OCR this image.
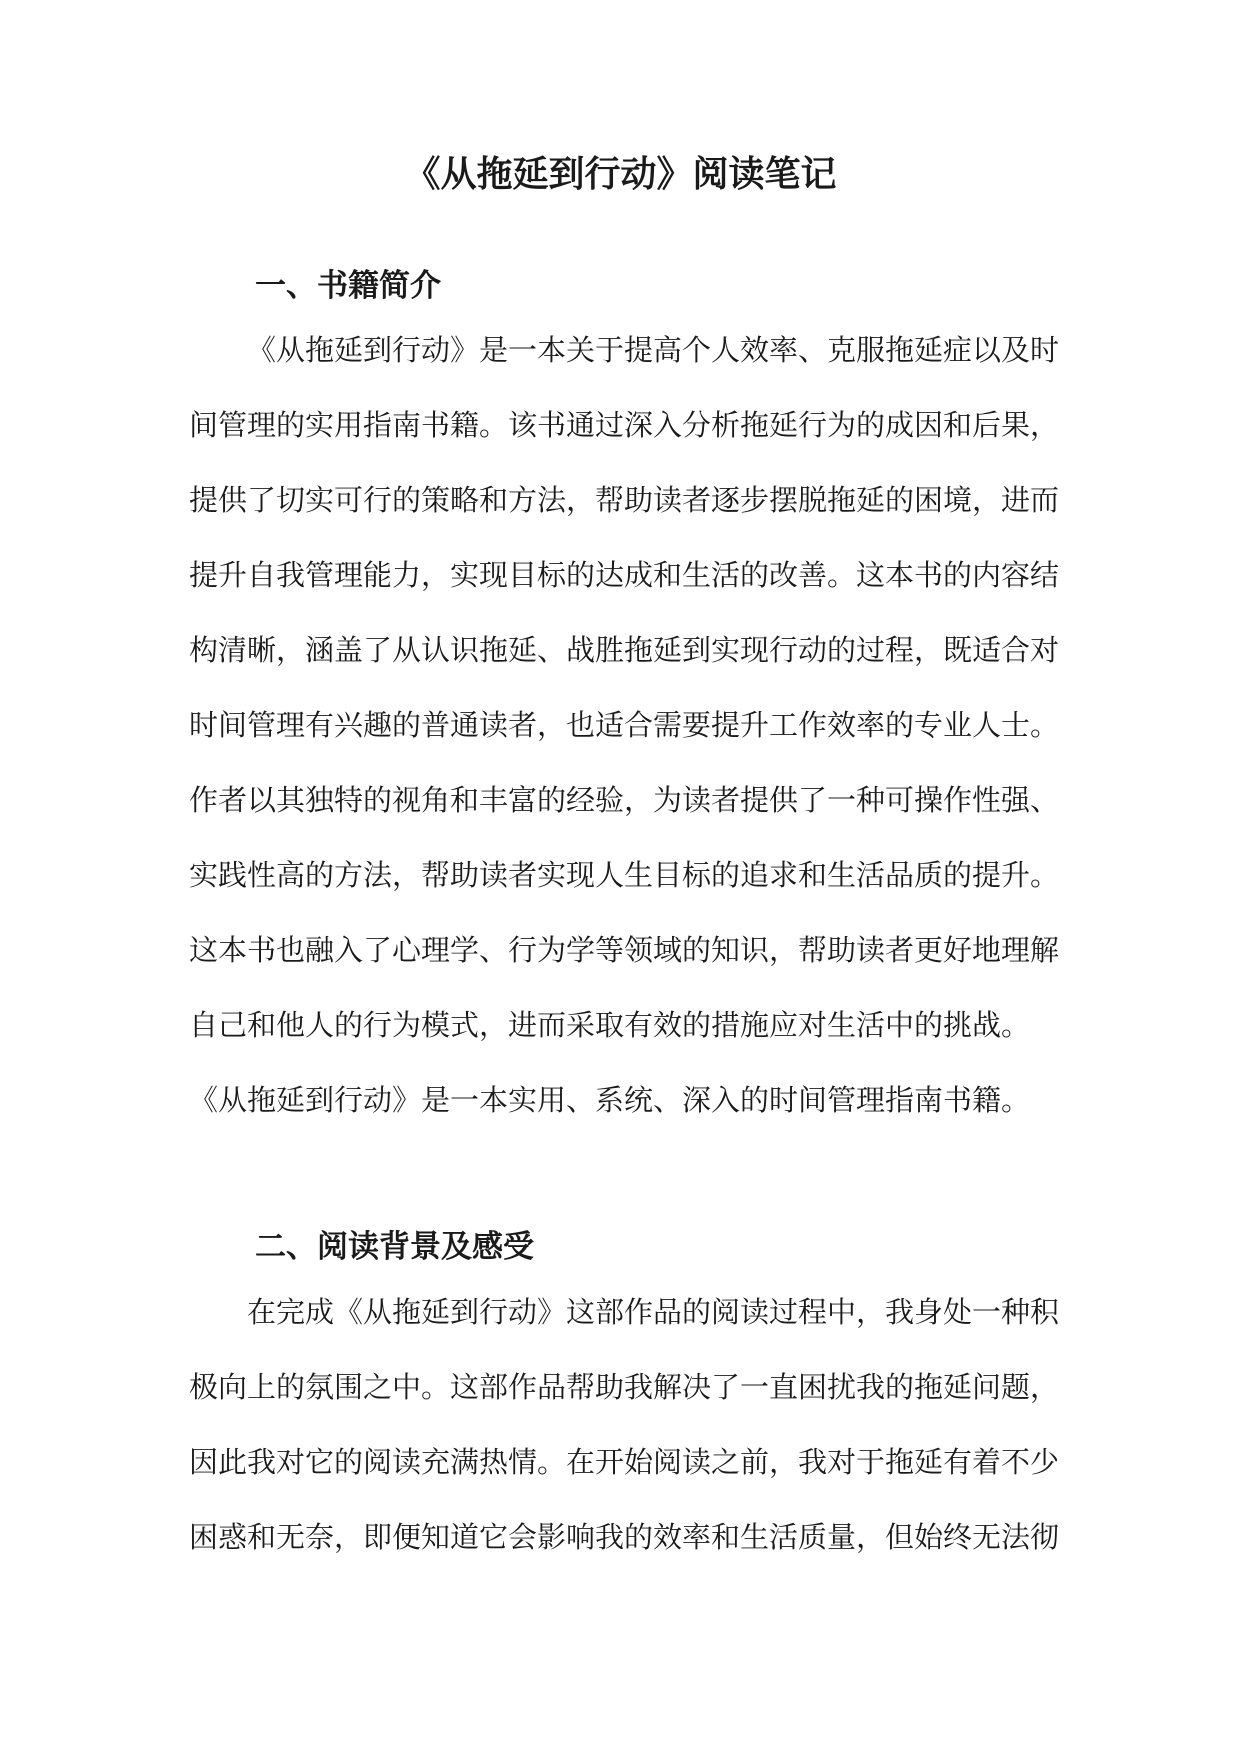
《从拖延到行动》阅读笔记
一、书籍简介
《从拖延到行动》是一本关于提高个人效率、克服拖延症以及时
间管理的实用指南书籍。该书通过深入分析拖延行为的成因和后果，
提供了切实可行的策略和方法，帮助读者逐步摆脱拖延的困境，进而
提升自我管理能力，实现目标的达成和生活的改善。这本书的内容结
构清晰，涵盖了从认识拖延、战胜拖延到实现行动的过程，既适合对
时间管理有兴趣的普通读者，也适合需要提升工作效率的专业人士。
作者以其独特的视角和丰富的经验，为读者提供了一种可操作性强、
实践性高的方法，帮助读者实现人生目标的追求和生活品质的提升。
这本书也融入了心理学、行为学等领域的知识，帮助读者更好地理解
自己和他人的行为模式，进而采取有效的措施应对生活中的挑战。
《从拖延到行动》是一本实用、系统、深入的时间管理指南书籍。
二、阅读背景及感受
在完成《从拖延到行动》这部作品的阅读过程中，我身处一种积
极向上的氛围之中。这部作品帮助我解决了一直困扰我的拖延问题，
因此我对它的阅读充满热情。在开始阅读之前，我对于拖延有着不少
困惑和无奈，即便知道它会影响我的效率和生活质量，但始终无法彻
